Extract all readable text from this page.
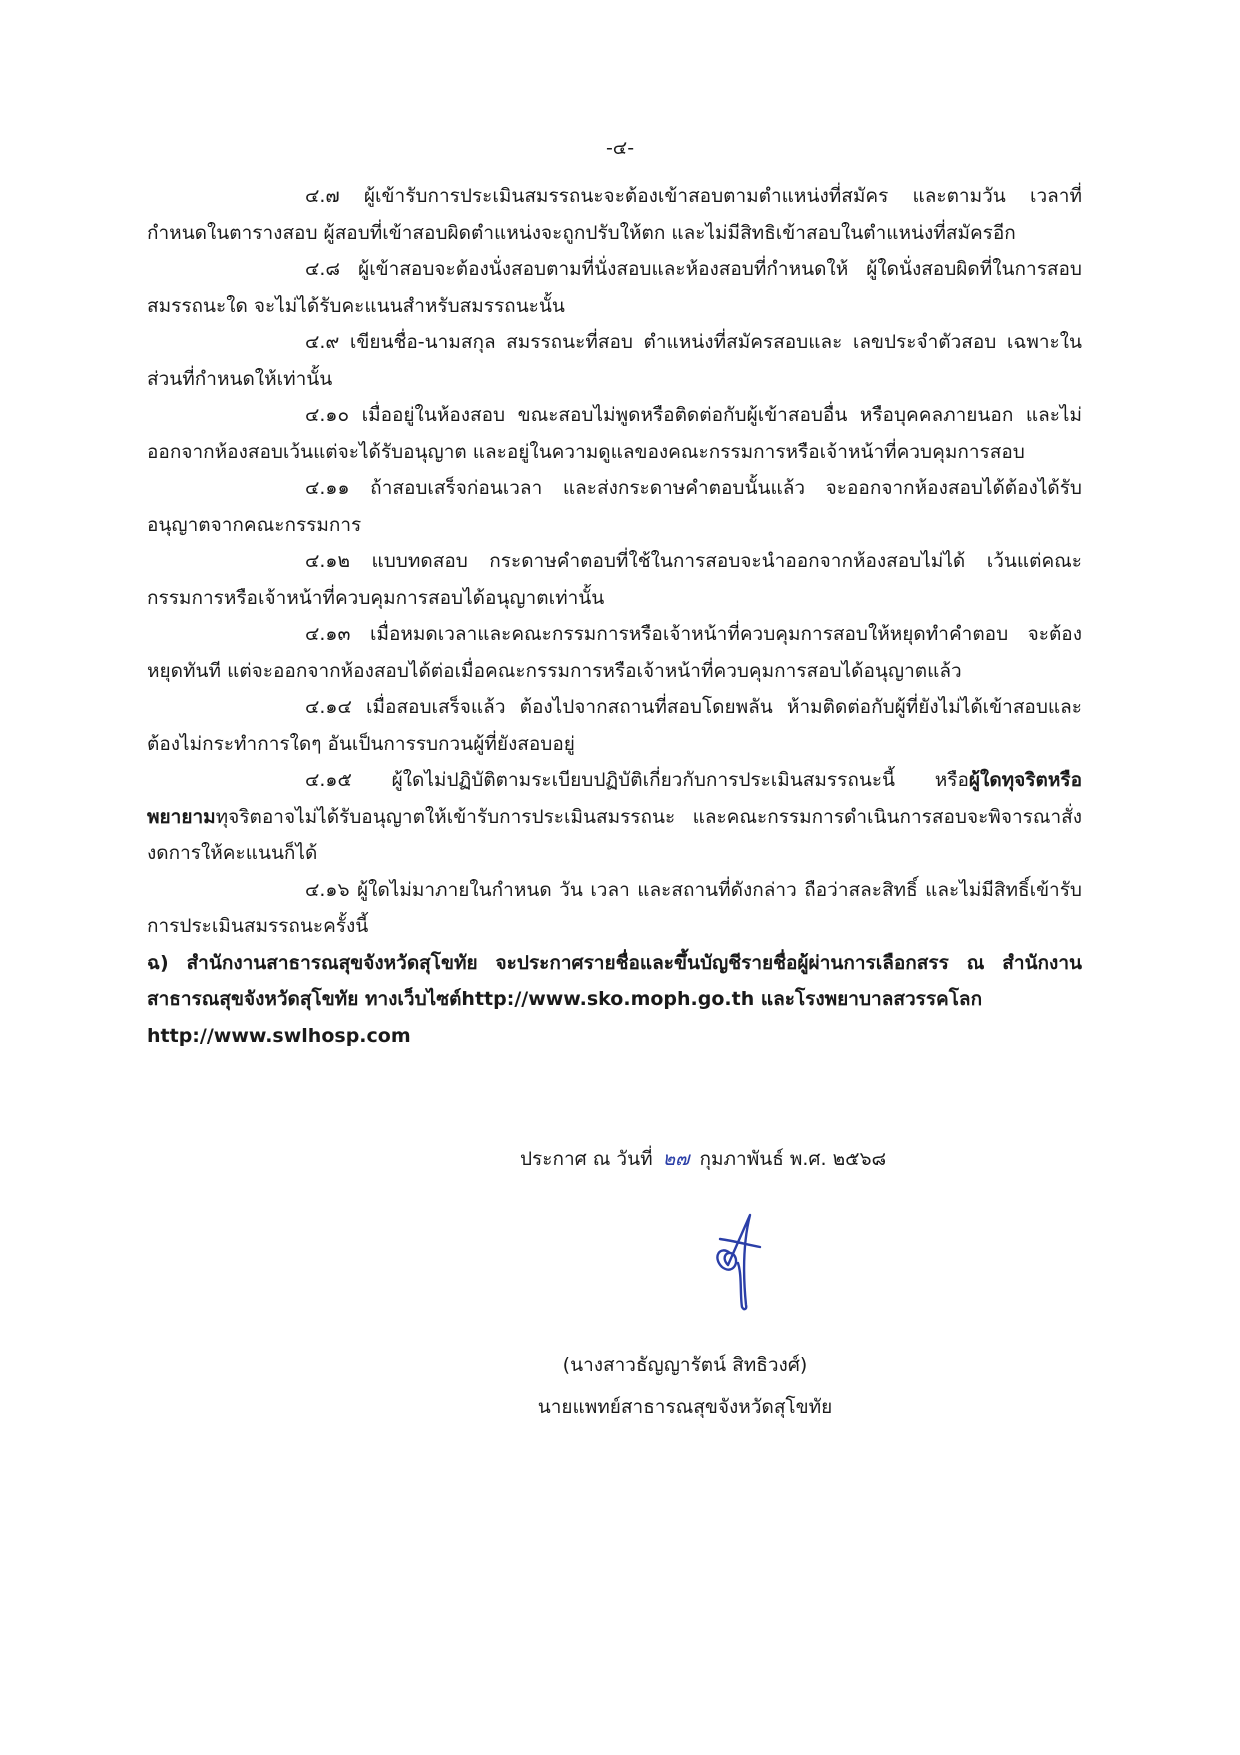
-๔-

๔.๗ ผู้เข้ารับการประเมินสมรรถนะจะต้องเข้าสอบตามตำแหน่งที่สมัคร และตามวัน เวลาที่กำหนดในตารางสอบ ผู้สอบที่เข้าสอบผิดตำแหน่งจะถูกปรับให้ตก และไม่มีสิทธิเข้าสอบในตำแหน่งที่สมัครอีก

๔.๘ ผู้เข้าสอบจะต้องนั่งสอบตามที่นั่งสอบและห้องสอบที่กำหนดให้ ผู้ใดนั่งสอบผิดที่ในการสอบสมรรถนะใด จะไม่ได้รับคะแนนสำหรับสมรรถนะนั้น

๔.๙ เขียนชื่อ-นามสกุล สมรรถนะที่สอบ ตำแหน่งที่สมัครสอบและ เลขประจำตัวสอบ เฉพาะในส่วนที่กำหนดให้เท่านั้น

๔.๑๐ เมื่ออยู่ในห้องสอบ ขณะสอบไม่พูดหรือติดต่อกับผู้เข้าสอบอื่น หรือบุคคลภายนอก และไม่ออกจากห้องสอบเว้นแต่จะได้รับอนุญาต และอยู่ในความดูแลของคณะกรรมการหรือเจ้าหน้าที่ควบคุมการสอบ

๔.๑๑ ถ้าสอบเสร็จก่อนเวลา และส่งกระดาษคำตอบนั้นแล้ว จะออกจากห้องสอบได้ต้องได้รับอนุญาตจากคณะกรรมการ

๔.๑๒ แบบทดสอบ กระดาษคำตอบที่ใช้ในการสอบจะนำออกจากห้องสอบไม่ได้ เว้นแต่คณะกรรมการหรือเจ้าหน้าที่ควบคุมการสอบได้อนุญาตเท่านั้น

๔.๑๓ เมื่อหมดเวลาและคณะกรรมการหรือเจ้าหน้าที่ควบคุมการสอบให้หยุดทำคำตอบ จะต้องหยุดทันที แต่จะออกจากห้องสอบได้ต่อเมื่อคณะกรรมการหรือเจ้าหน้าที่ควบคุมการสอบได้อนุญาตแล้ว

๔.๑๔ เมื่อสอบเสร็จแล้ว ต้องไปจากสถานที่สอบโดยพลัน ห้ามติดต่อกับผู้ที่ยังไม่ได้เข้าสอบและต้องไม่กระทำการใดๆ อันเป็นการรบกวนผู้ที่ยังสอบอยู่

๔.๑๕ ผู้ใดไม่ปฏิบัติตามระเบียบปฏิบัติเกี่ยวกับการประเมินสมรรถนะนี้ หรือผู้ใดทุจริตหรือพยายามทุจริตอาจไม่ได้รับอนุญาตให้เข้ารับการประเมินสมรรถนะ และคณะกรรมการดำเนินการสอบจะพิจารณาสั่งงดการให้คะแนนก็ได้

๔.๑๖ ผู้ใดไม่มาภายในกำหนด วัน เวลา และสถานที่ดังกล่าว ถือว่าสละสิทธิ์ และไม่มีสิทธิ์เข้ารับการประเมินสมรรถนะครั้งนี้

ฉ) สำนักงานสาธารณสุขจังหวัดสุโขทัย จะประกาศรายชื่อและขึ้นบัญชีรายชื่อผู้ผ่านการเลือกสรร ณ สำนักงานสาธารณสุขจังหวัดสุโขทัย ทางเว็บไซต์http://www.sko.moph.go.th และโรงพยาบาลสวรรคโลก

http://www.swlhosp.com

ประกาศ ณ วันที่ ๒๗ กุมภาพันธ์ พ.ศ. ๒๕๖๘
(นางสาวธัญญารัตน์ สิทธิวงศ์)
นายแพทย์สาธารณสุขจังหวัดสุโขทัย
